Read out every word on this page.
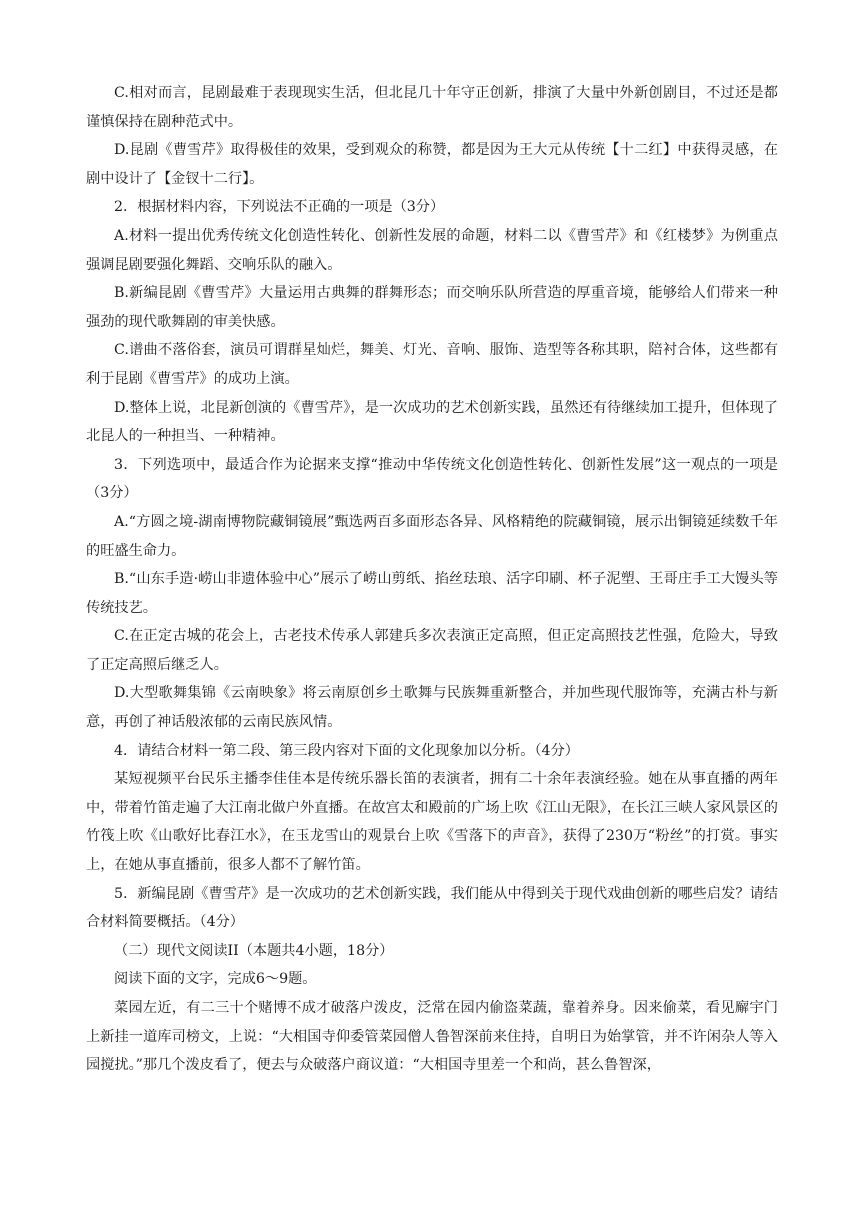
C.相对而言，昆剧最难于表现现实生活，但北昆几十年守正创新，排演了大量中外新创剧目，不过还是都谨慎保持在剧种范式中。

D.昆剧《曹雪芹》取得极佳的效果，受到观众的称赞，都是因为王大元从传统【十二红】中获得灵感，在剧中设计了【金钗十二行】。

2．根据材料内容，下列说法不正确的一项是（3分）

A.材料一提出优秀传统文化创造性转化、创新性发展的命题，材料二以《曹雪芹》和《红楼梦》为例重点强调昆剧要强化舞蹈、交响乐队的融入。

B.新编昆剧《曹雪芹》大量运用古典舞的群舞形态；而交响乐队所营造的厚重音境，能够给人们带来一种强劲的现代歌舞剧的审美快感。

C.谱曲不落俗套，演员可谓群星灿烂，舞美、灯光、音响、服饰、造型等各称其职，陪衬合体，这些都有利于昆剧《曹雪芹》的成功上演。

D.整体上说，北昆新创演的《曹雪芹》，是一次成功的艺术创新实践，虽然还有待继续加工提升，但体现了北昆人的一种担当、一种精神。

3．下列选项中，最适合作为论据来支撑“推动中华传统文化创造性转化、创新性发展”这一观点的一项是（3分）

A.“方圆之境-湖南博物院藏铜镜展”甄选两百多面形态各异、风格精绝的院藏铜镜，展示出铜镜延续数千年的旺盛生命力。

B.“山东手造·崂山非遗体验中心”展示了崂山剪纸、掐丝珐琅、活字印刷、杯子泥塑、王哥庄手工大馒头等传统技艺。

C.在正定古城的花会上，古老技术传承人郭建兵多次表演正定高照，但正定高照技艺性强，危险大，导致了正定高照后继乏人。

D.大型歌舞集锦《云南映象》将云南原创乡土歌舞与民族舞重新整合，并加些现代服饰等，充满古朴与新意，再创了神话般浓郁的云南民族风情。

4．请结合材料一第二段、第三段内容对下面的文化现象加以分析。（4分）

某短视频平台民乐主播李佳佳本是传统乐器长笛的表演者，拥有二十余年表演经验。她在从事直播的两年中，带着竹笛走遍了大江南北做户外直播。在故宫太和殿前的广场上吹《江山无限》，在长江三峡人家风景区的竹筏上吹《山歌好比春江水》，在玉龙雪山的观景台上吹《雪落下的声音》，获得了230万“粉丝”的打赏。事实上，在她从事直播前，很多人都不了解竹笛。

5．新编昆剧《曹雪芹》是一次成功的艺术创新实践，我们能从中得到关于现代戏曲创新的哪些启发？请结合材料简要概括。（4分）

（二）现代文阅读II（本题共4小题，18分）

阅读下面的文字，完成6～9题。

菜园左近，有二三十个赌博不成才破落户泼皮，泛常在园内偷盗菜蔬，靠着养身。因来偷菜，看见廨宇门上新挂一道库司榜文，上说：“大相国寺仰委管菜园僧人鲁智深前来住持，自明日为始掌管，并不许闲杂人等入园搅扰。”那几个泼皮看了，便去与众破落户商议道：“大相国寺里差一个和尚，甚么鲁智深，
